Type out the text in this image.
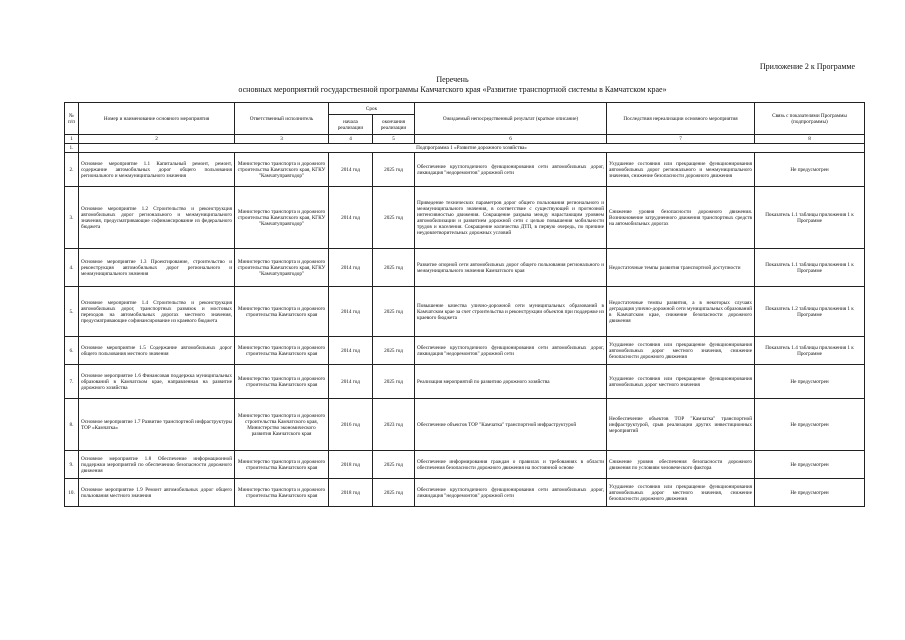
Приложение 2 к Программе
Перечень
основных мероприятий государственной программы Камчатского края «Развитие транспортной системы в Камчатском крае»
№ п/п	Номер и наименование основного мероприятия	Ответственный исполнитель	Срок		Ожидаемый непосредственный результат (краткое описание)	Последствия нереализации основного мероприятия	Связь с показателями Программы (подпрограммы)
			начала реализации	окончания реализации			
1	2	3	4	5	6	7	8
1.	Подпрограмма 1 «Развитие дорожного хозяйства»						
2.	Основное мероприятие 1.1 Капитальный ремонт, ремонт, содержание автомобильных дорог общего пользования регионального и межмуниципального значения	Министерство транспорта и дорожного строительства Камчатского края, КГКУ "Камчатуправтодор"	2014 год	2025 год	Обеспечение круглогодичного функционирования сети автомобильных дорог, ликвидация "недоремонтов" дорожной сети	Ухудшение состояния или прекращение функционирования автомобильных дорог регионального и межмуниципального значения, снижение безопасности дорожного движения	Не предусмотрен
3.	Основное мероприятие 1.2 Строительство и реконструкция автомобильных дорог регионального и межмуниципального значения, предусматривающие софинансирование из федерального бюджета	Министерство транспорта и дорожного строительства Камчатского края, КГКУ "Камчатуправтодор"	2014 год	2025 год	Приведение технических параметров дорог общего пользования регионального и межмуниципального значения, в соответствие с существующей и прогнозной интенсивностью движения. Сокращение разрыва между нарастающим уровнем автомобилизации и развитием дорожной сети с целью повышения мобильности трудов и населения. Сокращение количества ДТП, в первую очередь, по причине неудовлетворительных дорожных условий	Снижение уровня безопасности дорожного движения. Возникновение затрудненного движения транспортных средств на автомобильных дорогах	Показатель 1.1 таблицы приложения 1 к Программе
4.	Основное мероприятие 1.3 Проектирование, строительство и реконструкция автомобильных дорог регионального и межмуниципального значения	Министерство транспорта и дорожного строительства Камчатского края, КГКУ "Камчатуправтодор"	2014 год	2025 год	Развитие опорной сети автомобильных дорог общего пользования регионального и межмуниципального значения Камчатского края	Недостаточные темпы развития транспортной доступности	Показатель 1.1 таблицы приложения 1 к Программе
5.	Основное мероприятие 1.4 Строительство и реконструкция автомобильных дорог, транспортных развязок и мостовых переходов на автомобильных дорогах местного значения, предусматривающие софинансирование из краевого бюджета	Министерство транспорта и дорожного строительства Камчатского края	2014 год	2025 год	Повышение качества улично-дорожной сети муниципальных образований в Камчатском крае за счет строительства и реконструкции объектов при поддержке из краевого бюджета	Недостаточные темпы развития, а в некоторых случаях деградация улично-дорожной сети муниципальных образований в Камчатском крае, снижение безопасности дорожного движения	Показатель 1.2 таблицы приложения 1 к Программе
6.	Основное мероприятие 1.5 Содержание автомобильных дорог общего пользования местного значения	Министерство транспорта и дорожного строительства Камчатского края	2014 год	2025 год	Обеспечение круглогодичного функционирования сети автомобильных дорог, ликвидация "недоремонтов" дорожной сети	Ухудшение состояния или прекращение функционирования автомобильных дорог местного значения, снижение безопасности дорожного движения	Показатель 1.4 таблицы приложения 1 к Программе
7.	Основное мероприятие 1.6 Финансовая поддержка муниципальных образований в Камчатском крае, направленная на развитие дорожного хозяйства	Министерство транспорта и дорожного строительства Камчатского края	2014 год	2025 год	Реализация мероприятий по развитию дорожного хозяйства	Ухудшение состояния или прекращение функционирования автомобильных дорог местного значения	Не предусмотрен
8.	Основное мероприятие 1.7 Развитие транспортной инфраструктуры ТОР «Камчатка»	Министерство транспорта и дорожного строительства Камчатского края, Министерство экономического развития Камчатского края	2016 год	2023 год	Обеспечение объектов ТОР "Камчатка" транспортной инфраструктурой	Необеспечение объектов ТОР "Камчатка" транспортной инфраструктурой, срыв реализации других инвестиционных мероприятий	Не предусмотрен
9.	Основное мероприятие 1.8 Обеспечение информационной поддержки мероприятий по обеспечению безопасности дорожного движения	Министерство транспорта и дорожного строительства Камчатского края	2018 год	2025 год	Обеспечение информирования граждан о правилах и требованиях в области обеспечения безопасности дорожного движения на постоянной основе	Снижение уровня обеспечения безопасности дорожного движения по условиям человеческого фактора	Не предусмотрен
10.	Основное мероприятие 1.9 Ремонт автомобильных дорог общего пользования местного значения	Министерство транспорта и дорожного строительства Камчатского края	2018 год	2025 год	Обеспечение круглогодичного функционирования сети автомобильных дорог, ликвидация "недоремонтов" дорожной сети	Ухудшение состояния или прекращение функционирования автомобильных дорог местного значения, снижение безопасности дорожного движения	Не предусмотрен
